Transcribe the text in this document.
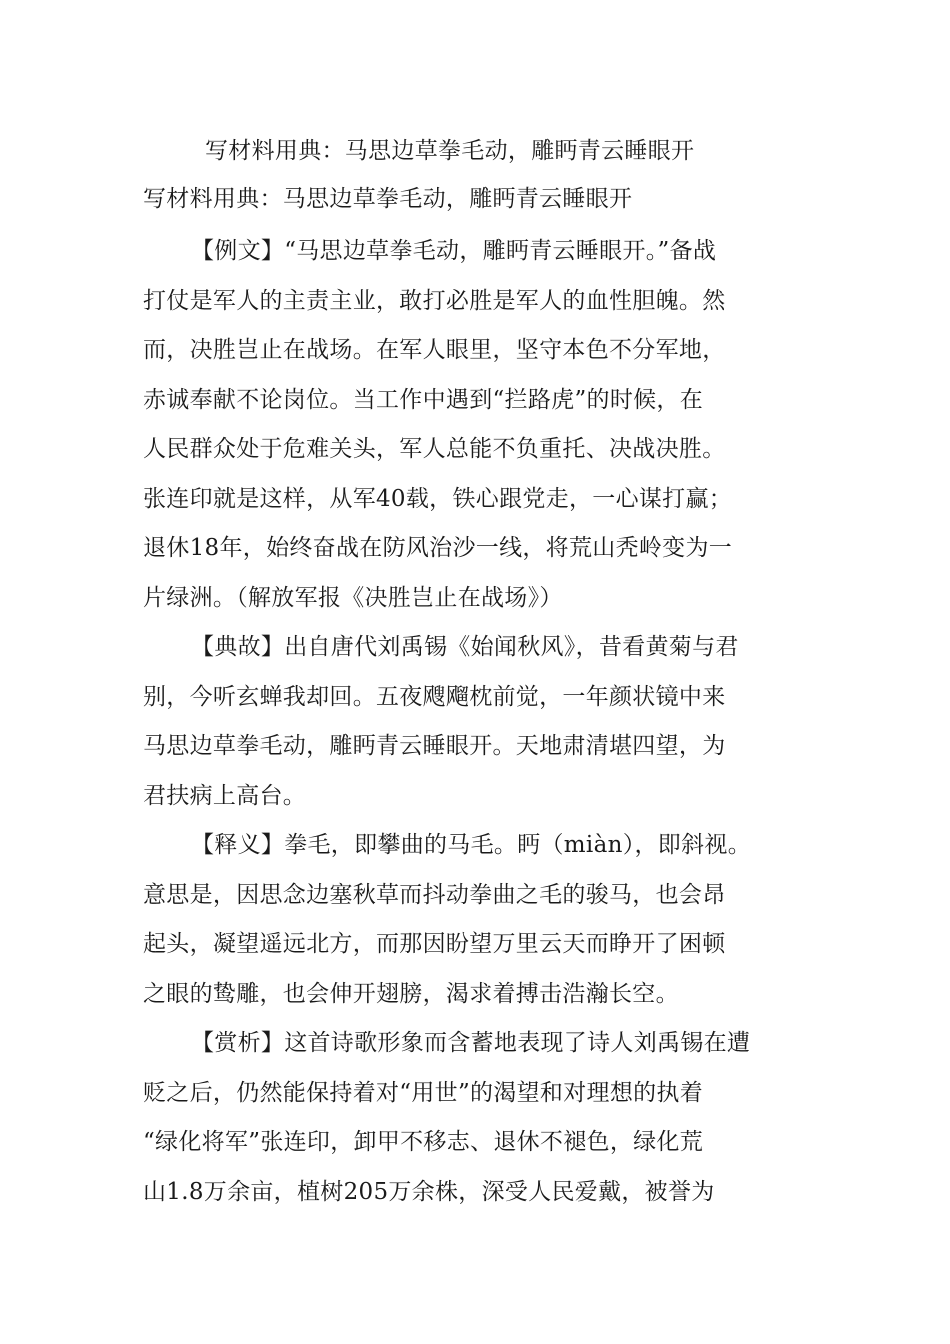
写材料用典：马思边草拳毛动，雕眄青云睡眼开
写材料用典：马思边草拳毛动，雕眄青云睡眼开
【例文】“马思边草拳毛动，雕眄青云睡眼开。”备战
打仗是军人的主责主业，敢打必胜是军人的血性胆魄。然
而，决胜岂止在战场。在军人眼里，坚守本色不分军地，
赤诚奉献不论岗位。当工作中遇到“拦路虎”的时候，在
人民群众处于危难关头，军人总能不负重托、决战决胜。
张连印就是这样，从军40载，铁心跟党走，一心谋打赢；
退休18年，始终奋战在防风治沙一线，将荒山秃岭变为一
片绿洲。（解放军报《决胜岂止在战场》）
【典故】出自唐代刘禹锡《始闻秋风》，昔看黄菊与君
别，今听玄蝉我却回。五夜飕飗枕前觉，一年颜状镜中来
马思边草拳毛动，雕眄青云睡眼开。天地肃清堪四望，为
君扶病上高台。
【释义】拳毛，即攀曲的马毛。眄（miàn），即斜视。
意思是，因思念边塞秋草而抖动拳曲之毛的骏马，也会昂
起头，凝望遥远北方，而那因盼望万里云天而睁开了困顿
之眼的鸷雕，也会伸开翅膀，渴求着搏击浩瀚长空。
【赏析】这首诗歌形象而含蓄地表现了诗人刘禹锡在遭
贬之后，仍然能保持着对“用世”的渴望和对理想的执着
“绿化将军”张连印，卸甲不移志、退休不褪色，绿化荒
山1.8万余亩，植树205万余株，深受人民爱戴，被誉为
